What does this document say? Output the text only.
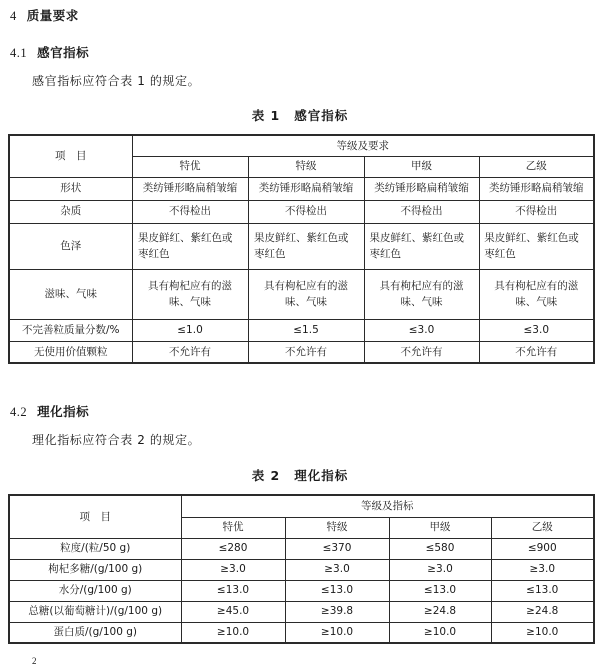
4 质量要求
4.1 感官指标
感官指标应符合表 1 的规定。
表 1 感官指标
项　目	等级及要求			
	特优	特级	甲级	乙级
形状	类纺锤形略扁稍皱缩	类纺锤形略扁稍皱缩	类纺锤形略扁稍皱缩	类纺锤形略扁稍皱缩
杂质	不得检出	不得检出	不得检出	不得检出
色泽	果皮鲜红、紫红色或枣红色	果皮鲜红、紫红色或枣红色	果皮鲜红、紫红色或枣红色	果皮鲜红、紫红色或枣红色
滋味、气味	具有枸杞应有的滋味、气味	具有枸杞应有的滋味、气味	具有枸杞应有的滋味、气味	具有枸杞应有的滋味、气味
不完善粒质量分数/%	≤1.0	≤1.5	≤3.0	≤3.0
无使用价值颗粒	不允许有	不允许有	不允许有	不允许有
4.2 理化指标
理化指标应符合表 2 的规定。
表 2 理化指标
项　目	等级及指标			
	特优	特级	甲级	乙级
粒度/(粒/50 g)	≤280	≤370	≤580	≤900
枸杞多糖/(g/100 g)	≥3.0	≥3.0	≥3.0	≥3.0
水分/(g/100 g)	≤13.0	≤13.0	≤13.0	≤13.0
总糖(以葡萄糖计)/(g/100 g)	≥45.0	≥39.8	≥24.8	≥24.8
蛋白质/(g/100 g)	≥10.0	≥10.0	≥10.0	≥10.0
2
